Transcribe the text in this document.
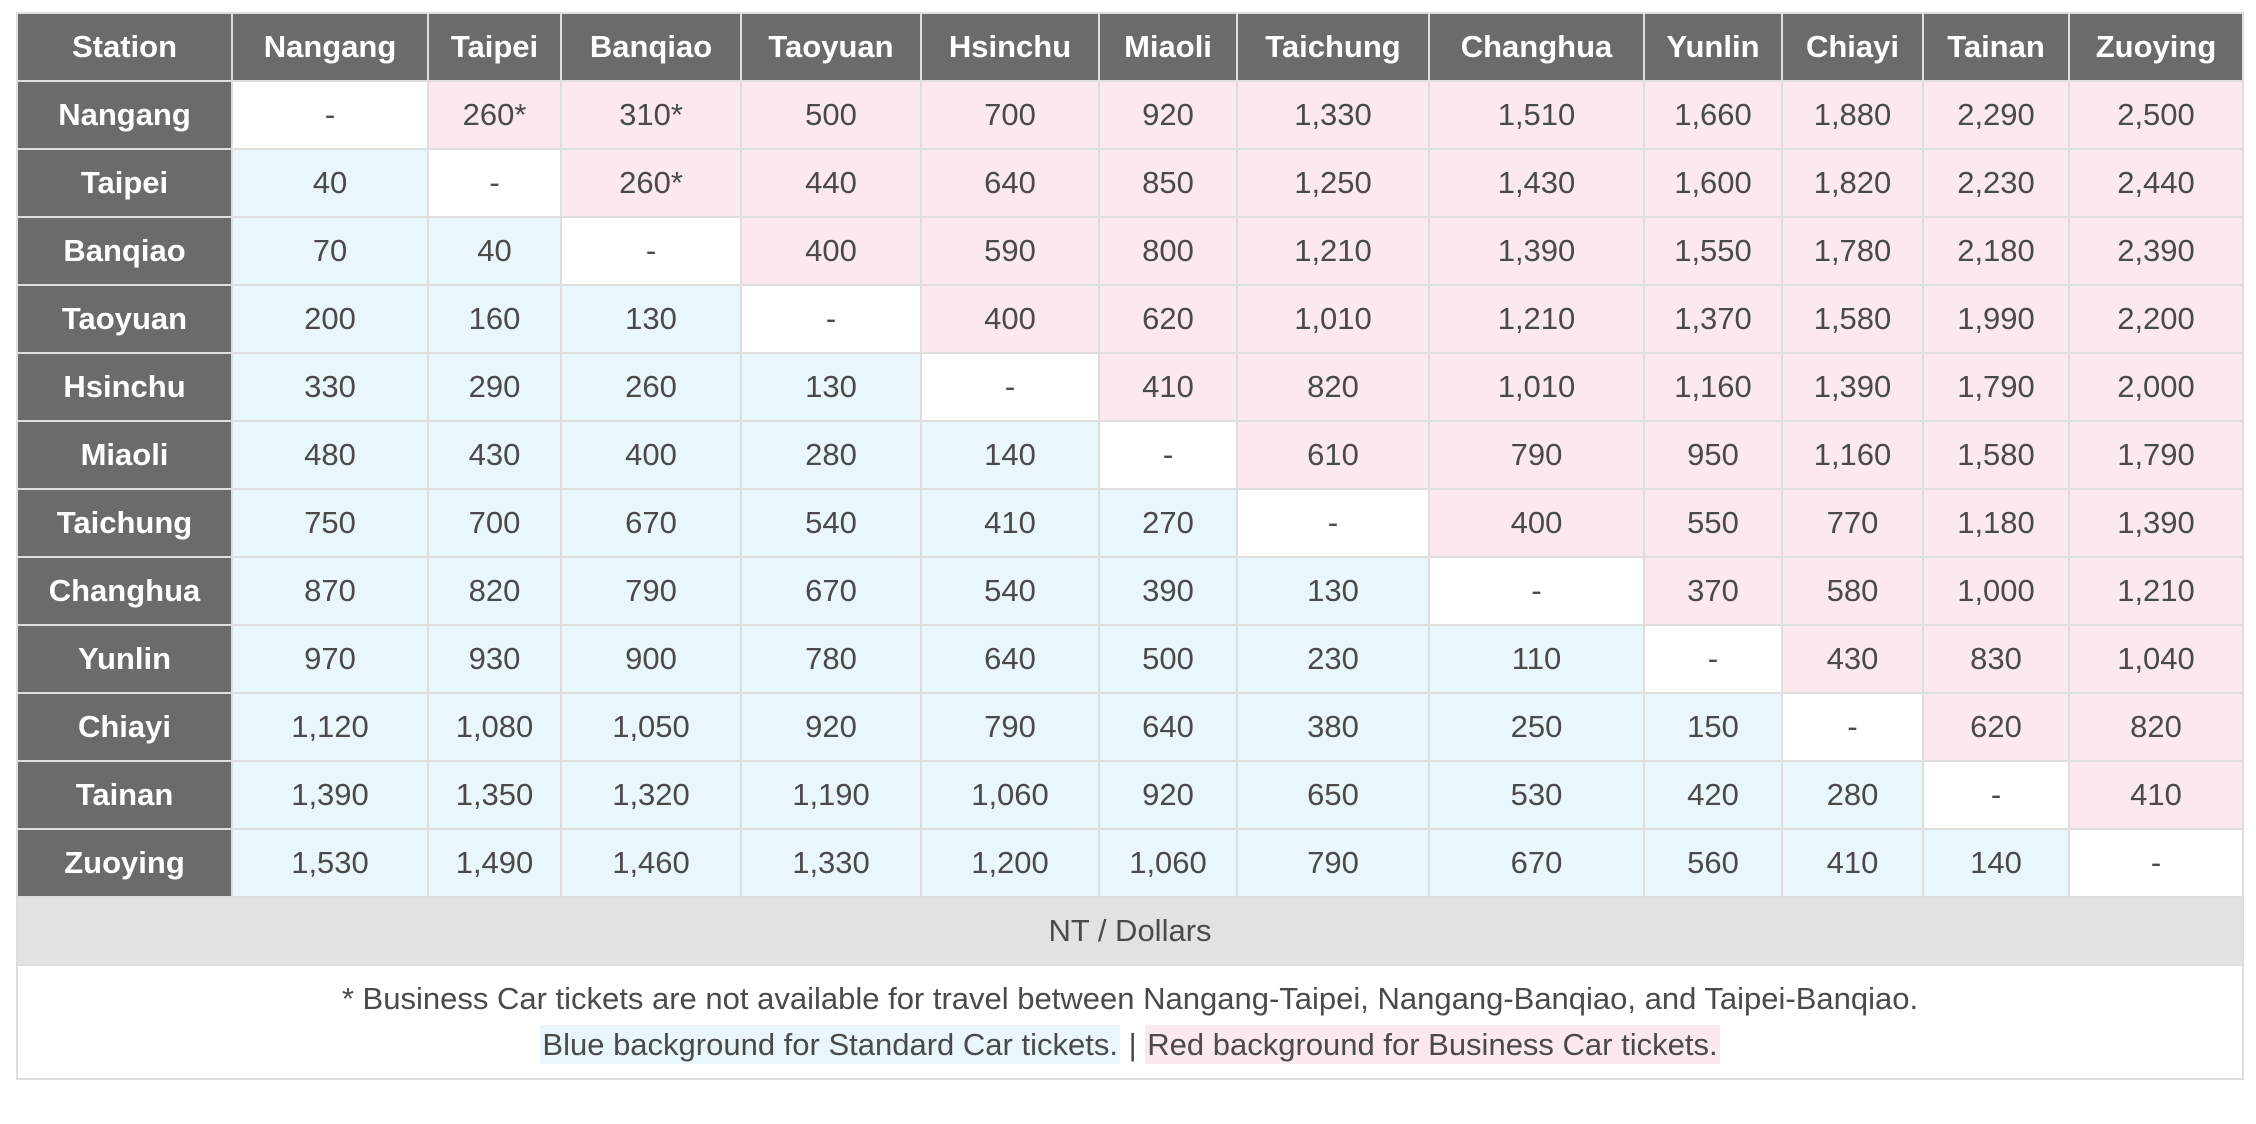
Station	Nangang	Taipei	Banqiao	Taoyuan	Hsinchu	Miaoli	Taichung	Changhua	Yunlin	Chiayi	Tainan	Zuoying
Nangang	-	260*	310*	500	700	920	1,330	1,510	1,660	1,880	2,290	2,500
Taipei	40	-	260*	440	640	850	1,250	1,430	1,600	1,820	2,230	2,440
Banqiao	70	40	-	400	590	800	1,210	1,390	1,550	1,780	2,180	2,390
Taoyuan	200	160	130	-	400	620	1,010	1,210	1,370	1,580	1,990	2,200
Hsinchu	330	290	260	130	-	410	820	1,010	1,160	1,390	1,790	2,000
Miaoli	480	430	400	280	140	-	610	790	950	1,160	1,580	1,790
Taichung	750	700	670	540	410	270	-	400	550	770	1,180	1,390
Changhua	870	820	790	670	540	390	130	-	370	580	1,000	1,210
Yunlin	970	930	900	780	640	500	230	110	-	430	830	1,040
Chiayi	1,120	1,080	1,050	920	790	640	380	250	150	-	620	820
Tainan	1,390	1,350	1,320	1,190	1,060	920	650	530	420	280	-	410
Zuoying	1,530	1,490	1,460	1,330	1,200	1,060	790	670	560	410	140	-
NT / Dollars												

* Business Car tickets are not available for travel between Nangang-Taipei, Nangang-Banqiao, and Taipei-Banqiao.
Blue background for Standard Car tickets. | Red background for Business Car tickets.												
